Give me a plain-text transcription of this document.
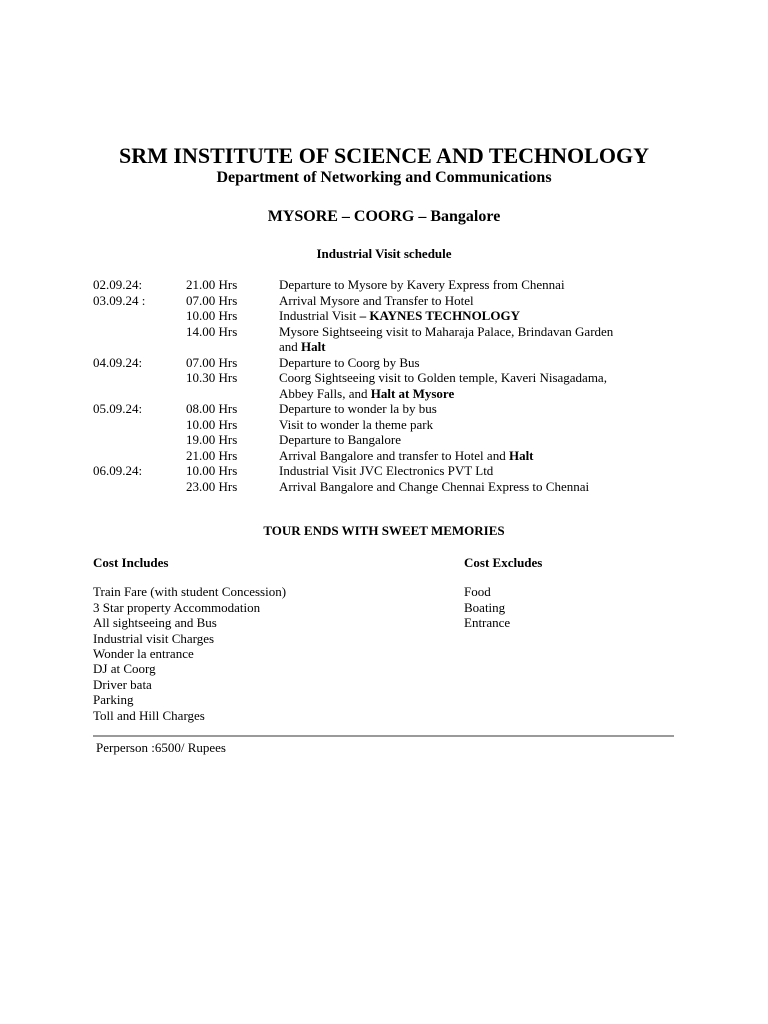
SRM INSTITUTE OF SCIENCE AND TECHNOLOGY
Department of Networking and Communications
MYSORE – COORG – Bangalore
Industrial Visit schedule
02.09.24:	21.00 Hrs	Departure to Mysore by Kavery Express from Chennai
03.09.24 :	07.00 Hrs	Arrival Mysore and Transfer to Hotel
10.00 Hrs	Industrial Visit – KAYNES TECHNOLOGY
14.00 Hrs	Mysore Sightseeing visit to Maharaja Palace, Brindavan Garden and Halt
04.09.24:	07.00 Hrs	Departure to Coorg by Bus
10.30 Hrs	Coorg Sightseeing visit to Golden temple, Kaveri Nisagadama, Abbey Falls, and Halt at Mysore
05.09.24:	08.00 Hrs	Departure to wonder la by bus
10.00 Hrs	Visit to wonder la theme park
19.00 Hrs	Departure to Bangalore
21.00 Hrs	Arrival Bangalore and transfer to Hotel and Halt
06.09.24:	10.00 Hrs	Industrial Visit JVC Electronics PVT Ltd
23.00 Hrs	Arrival Bangalore and Change Chennai Express to Chennai
TOUR ENDS WITH SWEET MEMORIES
Cost Includes
Train Fare (with student Concession)
3 Star property Accommodation
All sightseeing and Bus
Industrial visit Charges
Wonder la entrance
DJ at Coorg
Driver bata
Parking
Toll and Hill Charges
Cost Excludes
Food
Boating
Entrance
Perperson :6500/ Rupees
